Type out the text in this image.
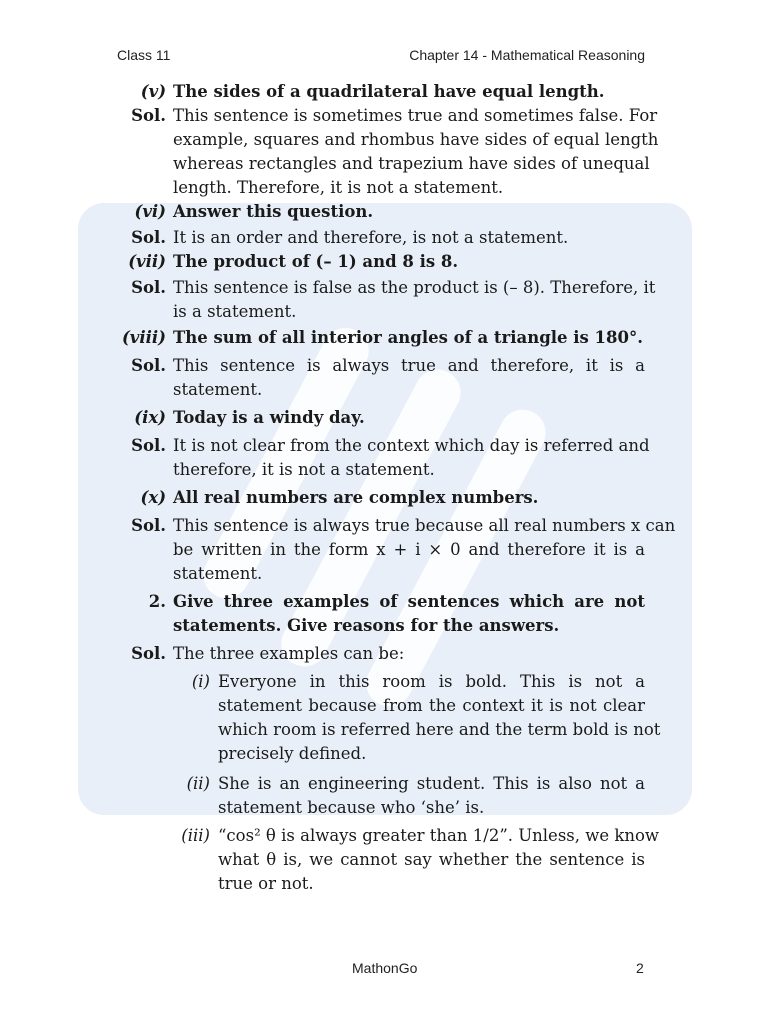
Class 11	Chapter 14 - Mathematical Reasoning
(v) The sides of a quadrilateral have equal length.
Sol. This sentence is sometimes true and sometimes false. For
example, squares and rhombus have sides of equal length
whereas rectangles and trapezium have sides of unequal
length. Therefore, it is not a statement.
(vi) Answer this question.
Sol. It is an order and therefore, is not a statement.
(vii) The product of (– 1) and 8 is 8.
Sol. This sentence is false as the product is (– 8). Therefore, it
is a statement.
(viii) The sum of all interior angles of a triangle is 180°.
Sol. This sentence is always true and therefore, it is a
statement.
(ix) Today is a windy day.
Sol. It is not clear from the context which day is referred and
therefore, it is not a statement.
(x) All real numbers are complex numbers.
Sol. This sentence is always true because all real numbers x can
be written in the form x + i × 0 and therefore it is a
statement.
2. Give three examples of sentences which are not
statements. Give reasons for the answers.
Sol. The three examples can be:
(i) Everyone in this room is bold. This is not a
statement because from the context it is not clear
which room is referred here and the term bold is not
precisely defined.
(ii) She is an engineering student. This is also not a
statement because who ‘she’ is.
(iii) “cos² θ is always greater than 1/2”. Unless, we know
what θ is, we cannot say whether the sentence is
true or not.
MathonGo	2
